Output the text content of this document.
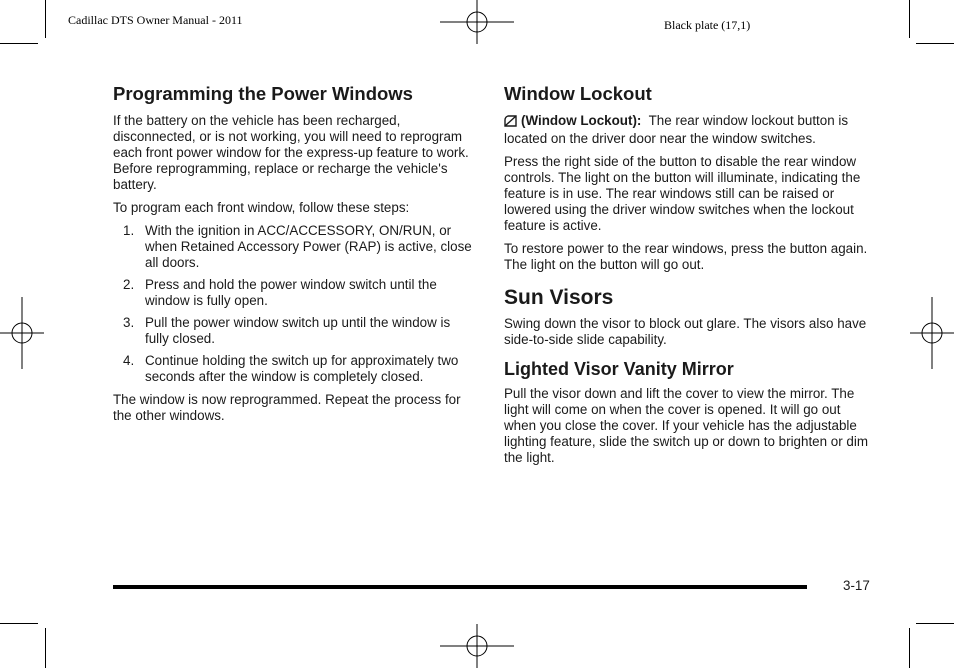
Cadillac DTS Owner Manual - 2011	Black plate (17,1)
Programming the Power Windows

If the battery on the vehicle has been recharged, disconnected, or is not working, you will need to reprogram each front power window for the express-up feature to work. Before reprogramming, replace or recharge the vehicle's battery.

To program each front window, follow these steps:

1. With the ignition in ACC/ACCESSORY, ON/RUN, or when Retained Accessory Power (RAP) is active, close all doors.
2. Press and hold the power window switch until the window is fully open.
3. Pull the power window switch up until the window is fully closed.
4. Continue holding the switch up for approximately two seconds after the window is completely closed.

The window is now reprogrammed. Repeat the process for the other windows.

Window Lockout

(Window Lockout): The rear window lockout button is located on the driver door near the window switches.

Press the right side of the button to disable the rear window controls. The light on the button will illuminate, indicating the feature is in use. The rear windows still can be raised or lowered using the driver window switches when the lockout feature is active.

To restore power to the rear windows, press the button again. The light on the button will go out.

Sun Visors

Swing down the visor to block out glare. The visors also have side-to-side slide capability.

Lighted Visor Vanity Mirror

Pull the visor down and lift the cover to view the mirror. The light will come on when the cover is opened. It will go out when you close the cover. If your vehicle has the adjustable lighting feature, slide the switch up or down to brighten or dim the light.

3-17
